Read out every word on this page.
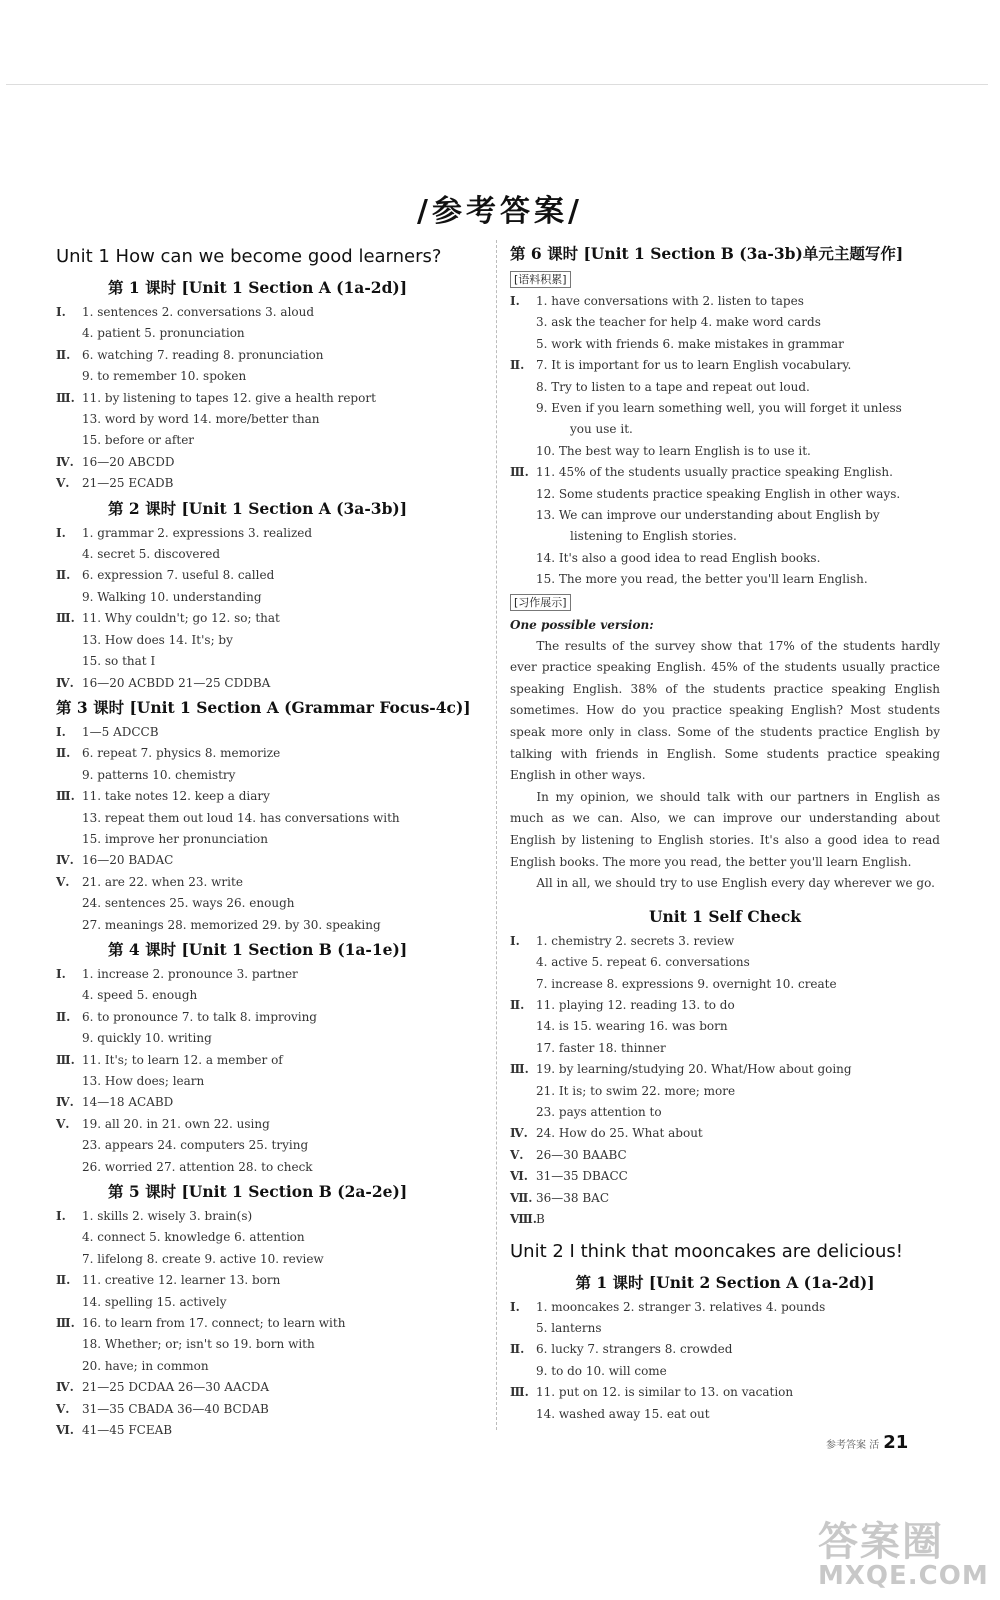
/参考答案/
Unit 1 How can we become good learners?
第 1 课时 [Unit 1 Section A (1a-2d)]
Ⅰ. 1. sentences 2. conversations 3. aloud
4. patient 5. pronunciation
Ⅱ. 6. watching 7. reading 8. pronunciation
9. to remember 10. spoken
Ⅲ. 11. by listening to tapes 12. give a health report
13. word by word 14. more/better than
15. before or after
Ⅳ. 16—20 ABCDD
Ⅴ. 21—25 ECADB
第 2 课时 [Unit 1 Section A (3a-3b)]
Ⅰ. 1. grammar 2. expressions 3. realized
4. secret 5. discovered
Ⅱ. 6. expression 7. useful 8. called
9. Walking 10. understanding
Ⅲ. 11. Why couldn't; go 12. so; that
13. How does 14. It's; by
15. so that I
Ⅳ. 16—20 ACBDD 21—25 CDDBA
第 3 课时 [Unit 1 Section A (Grammar Focus-4c)]
Ⅰ. 1—5 ADCCB
Ⅱ. 6. repeat 7. physics 8. memorize
9. patterns 10. chemistry
Ⅲ. 11. take notes 12. keep a diary
13. repeat them out loud 14. has conversations with
15. improve her pronunciation
Ⅳ. 16—20 BADAC
Ⅴ. 21. are 22. when 23. write
24. sentences 25. ways 26. enough
27. meanings 28. memorized 29. by 30. speaking
第 4 课时 [Unit 1 Section B (1a-1e)]
Ⅰ. 1. increase 2. pronounce 3. partner
4. speed 5. enough
Ⅱ. 6. to pronounce 7. to talk 8. improving
9. quickly 10. writing
Ⅲ. 11. It's; to learn 12. a member of
13. How does; learn
Ⅳ. 14—18 ACABD
Ⅴ. 19. all 20. in 21. own 22. using
23. appears 24. computers 25. trying
26. worried 27. attention 28. to check
第 5 课时 [Unit 1 Section B (2a-2e)]
Ⅰ. 1. skills 2. wisely 3. brain(s)
4. connect 5. knowledge 6. attention
7. lifelong 8. create 9. active 10. review
Ⅱ. 11. creative 12. learner 13. born
14. spelling 15. actively
Ⅲ. 16. to learn from 17. connect; to learn with
18. Whether; or; isn't so 19. born with
20. have; in common
Ⅳ. 21—25 DCDAA 26—30 AACDA
Ⅴ. 31—35 CBADA 36—40 BCDAB
Ⅵ. 41—45 FCEAB
第 6 课时 [Unit 1 Section B (3a-3b)单元主题写作]
[语料积累]
Ⅰ. 1. have conversations with 2. listen to tapes
3. ask the teacher for help 4. make word cards
5. work with friends 6. make mistakes in grammar
Ⅱ. 7. It is important for us to learn English vocabulary.
8. Try to listen to a tape and repeat out loud.
9. Even if you learn something well, you will forget it unless
you use it.
10. The best way to learn English is to use it.
Ⅲ. 11. 45% of the students usually practice speaking English.
12. Some students practice speaking English in other ways.
13. We can improve our understanding about English by
listening to English stories.
14. It's also a good idea to read English books.
15. The more you read, the better you'll learn English.
[习作展示]
One possible version:

The results of the survey show that 17% of the students hardly ever practice speaking English. 45% of the students usually practice speaking English. 38% of the students practice speaking English sometimes. How do you practice speaking English? Most students speak more only in class. Some of the students practice English by talking with friends in English. Some students practice speaking English in other ways.

In my opinion, we should talk with our partners in English as much as we can. Also, we can improve our understanding about English by listening to English stories. It's also a good idea to read English books. The more you read, the better you'll learn English.

All in all, we should try to use English every day wherever we go.

Unit 1 Self Check
Ⅰ. 1. chemistry 2. secrets 3. review
4. active 5. repeat 6. conversations
7. increase 8. expressions 9. overnight 10. create
Ⅱ. 11. playing 12. reading 13. to do
14. is 15. wearing 16. was born
17. faster 18. thinner
Ⅲ. 19. by learning/studying 20. What/How about going
21. It is; to swim 22. more; more
23. pays attention to
Ⅳ. 24. How do 25. What about
Ⅴ. 26—30 BAABC
Ⅵ. 31—35 DBACC
Ⅶ. 36—38 BAC
Ⅷ.B
Unit 2 I think that mooncakes are delicious!
第 1 课时 [Unit 2 Section A (1a-2d)]
Ⅰ. 1. mooncakes 2. stranger 3. relatives 4. pounds
5. lanterns
Ⅱ. 6. lucky 7. strangers 8. crowded
9. to do 10. will come
Ⅲ. 11. put on 12. is similar to 13. on vacation
14. washed away 15. eat out
参考答案 活 21
答案圈
MXQE.COM
